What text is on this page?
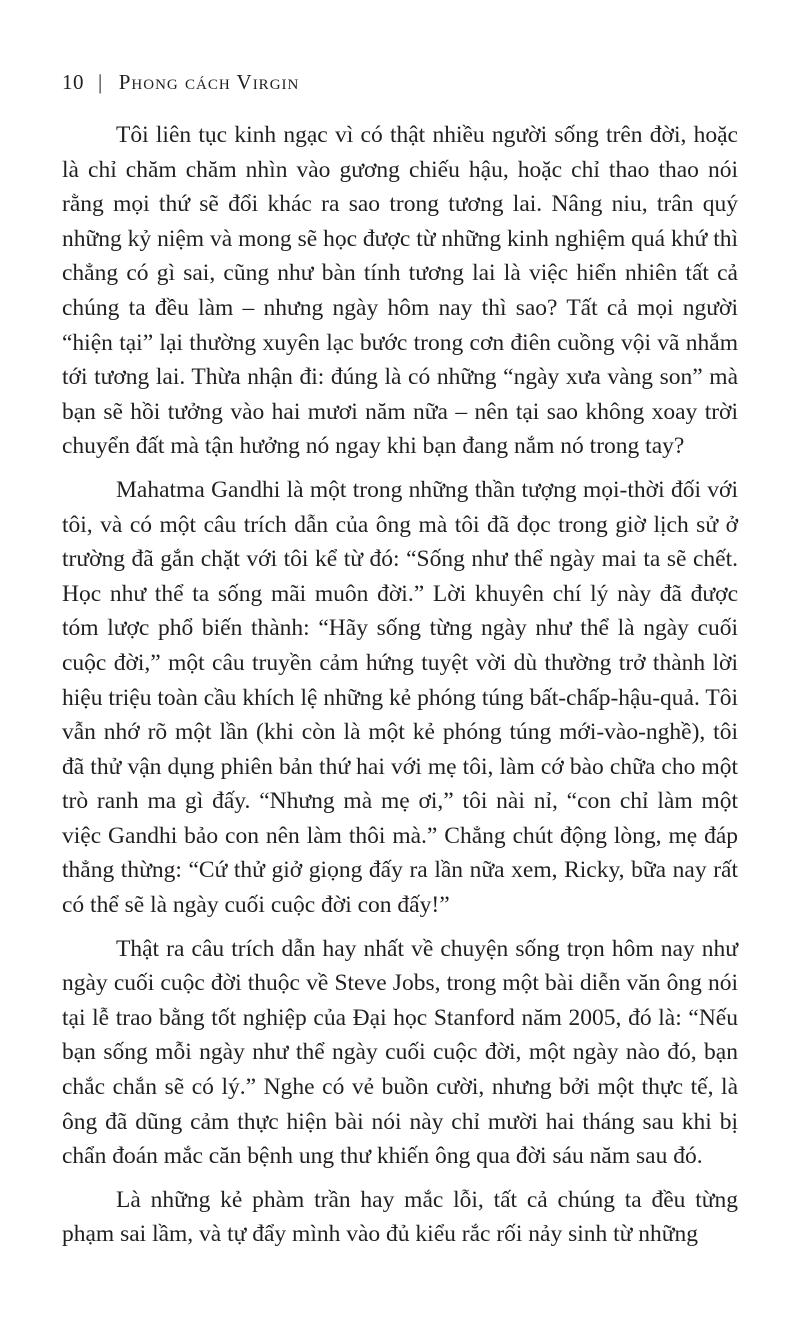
10 | Phong cách Virgin

Tôi liên tục kinh ngạc vì có thật nhiều người sống trên đời, hoặc là chỉ chăm chăm nhìn vào gương chiếu hậu, hoặc chỉ thao thao nói rằng mọi thứ sẽ đổi khác ra sao trong tương lai. Nâng niu, trân quý những kỷ niệm và mong sẽ học được từ những kinh nghiệm quá khứ thì chẳng có gì sai, cũng như bàn tính tương lai là việc hiển nhiên tất cả chúng ta đều làm – nhưng ngày hôm nay thì sao? Tất cả mọi người “hiện tại” lại thường xuyên lạc bước trong cơn điên cuồng vội vã nhắm tới tương lai. Thừa nhận đi: đúng là có những “ngày xưa vàng son” mà bạn sẽ hồi tưởng vào hai mươi năm nữa – nên tại sao không xoay trời chuyển đất mà tận hưởng nó ngay khi bạn đang nắm nó trong tay?

Mahatma Gandhi là một trong những thần tượng mọi-thời đối với tôi, và có một câu trích dẫn của ông mà tôi đã đọc trong giờ lịch sử ở trường đã gắn chặt với tôi kể từ đó: “Sống như thể ngày mai ta sẽ chết. Học như thể ta sống mãi muôn đời.” Lời khuyên chí lý này đã được tóm lược phổ biến thành: “Hãy sống từng ngày như thể là ngày cuối cuộc đời,” một câu truyền cảm hứng tuyệt vời dù thường trở thành lời hiệu triệu toàn cầu khích lệ những kẻ phóng túng bất-chấp-hậu-quả. Tôi vẫn nhớ rõ một lần (khi còn là một kẻ phóng túng mới-vào-nghề), tôi đã thử vận dụng phiên bản thứ hai với mẹ tôi, làm cớ bào chữa cho một trò ranh ma gì đấy. “Nhưng mà mẹ ơi,” tôi nài nỉ, “con chỉ làm một việc Gandhi bảo con nên làm thôi mà.” Chẳng chút động lòng, mẹ đáp thẳng thừng: “Cứ thử giở giọng đấy ra lần nữa xem, Ricky, bữa nay rất có thể sẽ là ngày cuối cuộc đời con đấy!”

Thật ra câu trích dẫn hay nhất về chuyện sống trọn hôm nay như ngày cuối cuộc đời thuộc về Steve Jobs, trong một bài diễn văn ông nói tại lễ trao bằng tốt nghiệp của Đại học Stanford năm 2005, đó là: “Nếu bạn sống mỗi ngày như thể ngày cuối cuộc đời, một ngày nào đó, bạn chắc chắn sẽ có lý.” Nghe có vẻ buồn cười, nhưng bởi một thực tế, là ông đã dũng cảm thực hiện bài nói này chỉ mười hai tháng sau khi bị chẩn đoán mắc căn bệnh ung thư khiến ông qua đời sáu năm sau đó.

Là những kẻ phàm trần hay mắc lỗi, tất cả chúng ta đều từng phạm sai lầm, và tự đẩy mình vào đủ kiểu rắc rối nảy sinh từ những
